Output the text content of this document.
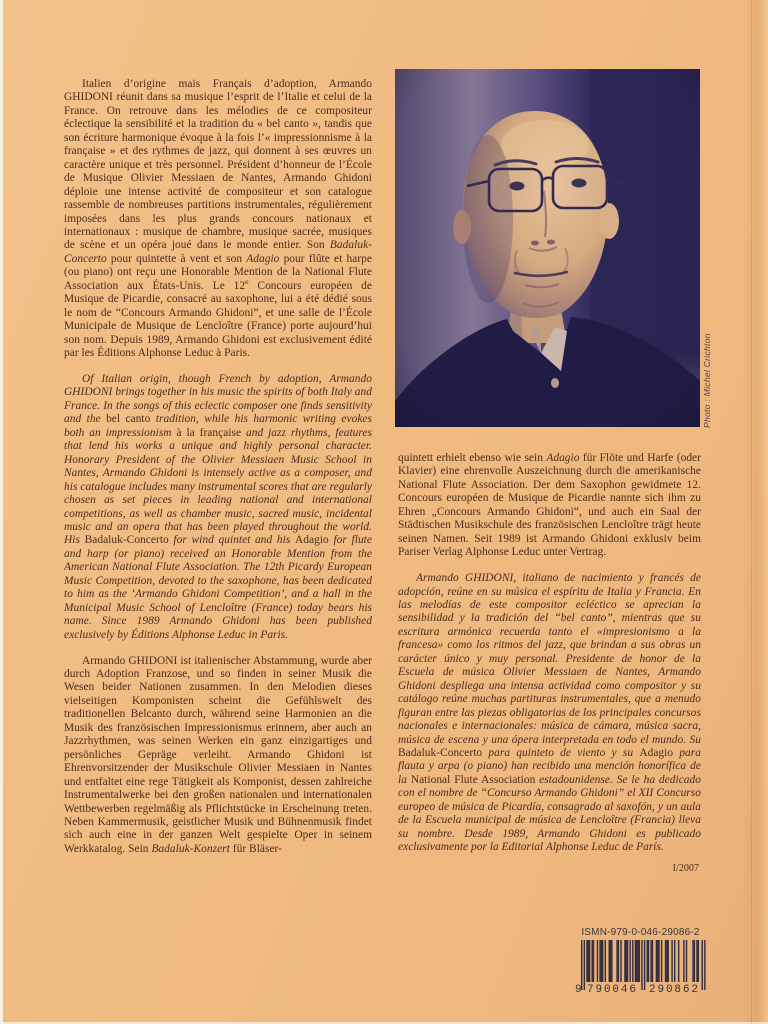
Italien d’origine mais Français d’adoption, Armando GHIDONI réunit dans sa musique l’esprit de l’Italie et celui de la France. On retrouve dans les mélodies de ce compositeur éclectique la sensibilité et la tradition du « bel canto », tandis que son écriture harmonique évoque à la fois l’« impressionnisme à la française » et des rythmes de jazz, qui donnent à ses œuvres un caractère unique et très personnel. Président d’honneur de l’École de Musique Olivier Messiaen de Nantes, Armando Ghidoni déploie une intense activité de compositeur et son catalogue rassemble de nombreuses partitions instrumentales, régulièrement imposées dans les plus grands concours nationaux et internationaux : musique de chambre, musique sacrée, musiques de scène et un opéra joué dans le monde entier. Son Badaluk-Concerto pour quintette à vent et son Adagio pour flûte et harpe (ou piano) ont reçu une Honorable Mention de la National Flute Association aux États-Unis. Le 12e Concours européen de Musique de Picardie, consacré au saxophone, lui a été dédié sous le nom de “Concours Armando Ghidoni”, et une salle de l’École Municipale de Musique de Lencloître (France) porte aujourd’hui son nom. Depuis 1989, Armando Ghidoni est exclusivement édité par les Éditions Alphonse Leduc à Paris.

Of Italian origin, though French by adoption, Armando GHIDONI brings together in his music the spirits of both Italy and France. In the songs of this eclectic composer one finds sensitivity and the bel canto tradition, while his harmonic writing evokes both an impressionism à la française and jazz rhythms, features that lend his works a unique and highly personal character. Honorary President of the Olivier Messiaen Music School in Nantes, Armando Ghidoni is intensely active as a composer, and his catalogue includes many instrumental scores that are regularly chosen as set pieces in leading national and international competitions, as well as chamber music, sacred music, incidental music and an opera that has been played throughout the world. His Badaluk-Concerto for wind quintet and his Adagio for flute and harp (or piano) received an Honorable Mention from the American National Flute Association. The 12th Picardy European Music Competition, devoted to the saxophone, has been dedicated to him as the ‘Armando Ghidoni Competition’, and a hall in the Municipal Music School of Lencloître (France) today bears his name. Since 1989 Armando Ghidoni has been published exclusively by Éditions Alphonse Leduc in Paris.

Armando GHIDONI ist italienischer Abstammung, wurde aber durch Adoption Franzose, und so finden in seiner Musik die Wesen beider Nationen zusammen. In den Melodien dieses vielseitigen Komponisten scheint die Gefühlswelt des traditionellen Belcanto durch, während seine Harmonien an die Musik des französischen Impressionismus erinnern, aber auch an Jazzrhythmen, was seinen Werken ein ganz einzigartiges und persönliches Gepräge verleiht. Armando Ghidoni ist Ehrenvorsitzender der Musikschule Olivier Messiaen in Nantes und entfaltet eine rege Tätigkeit als Komponist, dessen zahlreiche Instrumentalwerke bei den großen nationalen und internationalen Wettbewerben regelmäßig als Pflichtstücke in Erscheinung treten. Neben Kammermusik, geistlicher Musik und Bühnenmusik findet sich auch eine in der ganzen Welt gespielte Oper in seinem Werkkatalog. Sein Badaluk-Konzert für Bläser-

Photo : Michel Crichton

quintett erhielt ebenso wie sein Adagio für Flöte und Harfe (oder Klavier) eine ehrenvolle Auszeichnung durch die amerikanische National Flute Association. Der dem Saxophon gewidmete 12. Concours européen de Musique de Picardie nannte sich ihm zu Ehren „Concours Armando Ghidoni“, und auch ein Saal der Städtischen Musikschule des französischen Lencloître trägt heute seinen Namen. Seit 1989 ist Armando Ghidoni exklusiv beim Pariser Verlag Alphonse Leduc unter Vertrag.

Armando GHIDONI, italiano de nacimiento y francés de adopción, reúne en su música el espíritu de Italia y Francia. En las melodías de este compositor ecléctico se aprecian la sensibilidad y la tradición del “bel canto”, mientras que su escritura armónica recuerda tanto el «impresionismo a la francesa» como los ritmos del jazz, que brindan a sus obras un carácter único y muy personal. Presidente de honor de la Escuela de música Olivier Messiaen de Nantes, Armando Ghidoni despliega una intensa actividad como compositor y su catálogo reúne muchas partituras instrumentales, que a menudo figuran entre las piezas obligatorias de los principales concursos nacionales e internacionales: música de cámara, música sacra, música de escena y una ópera interpretada en todo el mundo. Su Badaluk-Concerto para quinteto de viento y su Adagio para flauta y arpa (o piano) han recibido una mención honorífica de la National Flute Association estadounidense. Se le ha dedicado con el nombre de “Concurso Armando Ghidoni” el XII Concurso europeo de música de Picardía, consagrado al saxofón, y un aula de la Escuela municipal de música de Lencloître (Francia) lleva su nombre. Desde 1989, Armando Ghidoni es publicado exclusivamente por la Editorial Alphonse Leduc de París.

I/2007
ISMN-979-0-046-29086-2
9 790046 290862
